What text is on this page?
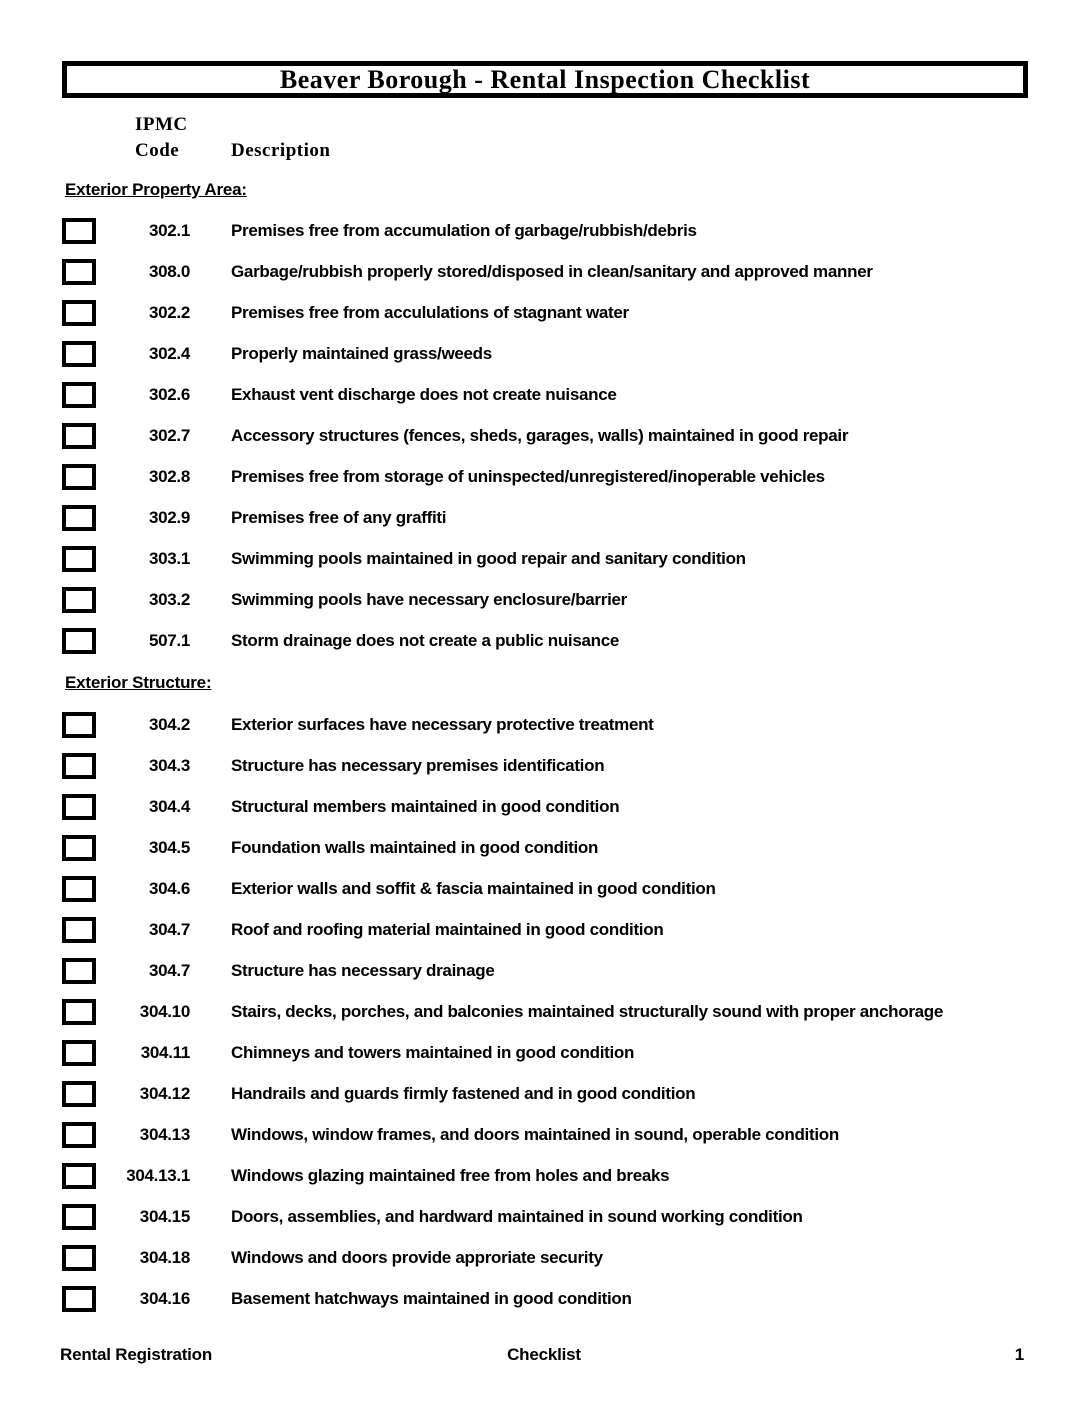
Beaver Borough - Rental Inspection Checklist
IPMC
Code	Description
Exterior Property Area:
302.1	Premises free from accumulation of garbage/rubbish/debris
308.0	Garbage/rubbish properly stored/disposed in clean/sanitary and approved manner
302.2	Premises free from accululations of stagnant water
302.4	Properly maintained grass/weeds
302.6	Exhaust vent discharge does not create nuisance
302.7	Accessory structures (fences, sheds, garages, walls) maintained in good repair
302.8	Premises free from storage of uninspected/unregistered/inoperable vehicles
302.9	Premises free of any graffiti
303.1	Swimming pools maintained in good repair and sanitary condition
303.2	Swimming pools have necessary enclosure/barrier
507.1	Storm drainage does not create a public nuisance
Exterior Structure:
304.2	Exterior surfaces have necessary protective treatment
304.3	Structure has necessary premises identification
304.4	Structural members maintained in good condition
304.5	Foundation walls maintained in good condition
304.6	Exterior walls and soffit & fascia maintained in good condition
304.7	Roof and roofing material maintained in good condition
304.7	Structure has necessary drainage
304.10	Stairs, decks, porches, and balconies maintained structurally sound with proper anchorage
304.11	Chimneys and towers maintained in good condition
304.12	Handrails and guards firmly fastened and in good condition
304.13	Windows, window frames, and doors maintained in sound, operable condition
304.13.1	Windows glazing maintained free from holes and breaks
304.15	Doors, assemblies, and hardward maintained in sound working condition
304.18	Windows and doors provide approriate security
304.16	Basement hatchways maintained in good condition
Rental Registration	Checklist	1
